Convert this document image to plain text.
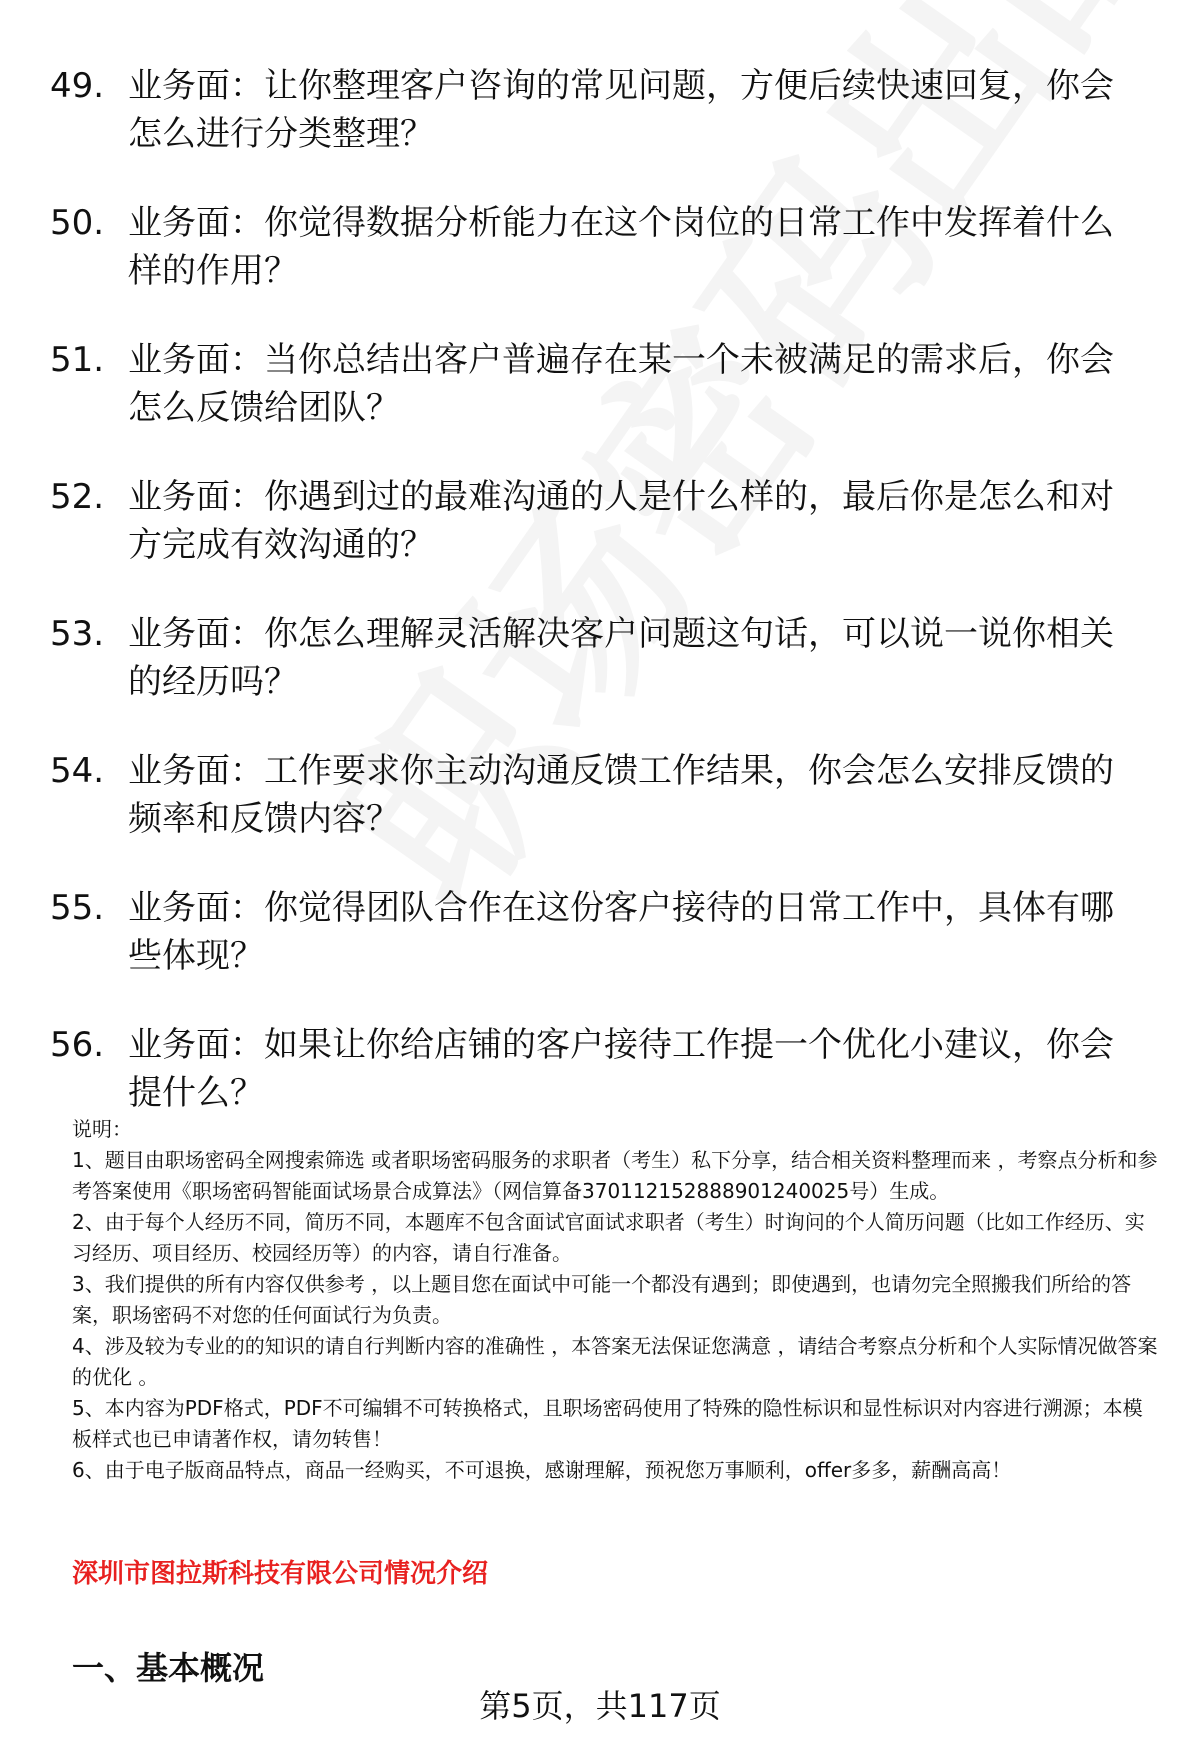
49. 业务面：让你整理客户咨询的常见问题，方便后续快速回复，你会怎么进行分类整理？
50. 业务面：你觉得数据分析能力在这个岗位的日常工作中发挥着什么样的作用？
51. 业务面：当你总结出客户普遍存在某一个未被满足的需求后，你会怎么反馈给团队？
52. 业务面：你遇到过的最难沟通的人是什么样的，最后你是怎么和对方完成有效沟通的？
53. 业务面：你怎么理解灵活解决客户问题这句话，可以说一说你相关的经历吗？
54. 业务面：工作要求你主动沟通反馈工作结果，你会怎么安排反馈的频率和反馈内容？
55. 业务面：你觉得团队合作在这份客户接待的日常工作中，具体有哪些体现？
56. 业务面：如果让你给店铺的客户接待工作提一个优化小建议，你会提什么？
说明：
1、题目由职场密码全网搜索筛选 或者职场密码服务的求职者（考生）私下分享，结合相关资料整理而来 ，考察点分析和参考答案使用《职场密码智能面试场景合成算法》（网信算备370112152888901240025号）生成。
2、由于每个人经历不同，简历不同，本题库不包含面试官面试求职者（考生）时询问的个人简历问题（比如工作经历、实习经历、项目经历、校园经历等）的内容，请自行准备。
3、我们提供的所有内容仅供参考 ，以上题目您在面试中可能一个都没有遇到；即使遇到，也请勿完全照搬我们所给的答案，职场密码不对您的任何面试行为负责。
4、涉及较为专业的的知识的请自行判断内容的准确性 ，本答案无法保证您满意 ，请结合考察点分析和个人实际情况做答案的优化 。
5、本内容为PDF格式，PDF不可编辑不可转换格式，且职场密码使用了特殊的隐性标识和显性标识对内容进行溯源；本模板样式也已申请著作权，请勿转售！
6、由于电子版商品特点，商品一经购买，不可退换，感谢理解，预祝您万事顺利，offer多多，薪酬高高！
深圳市图拉斯科技有限公司情况介绍
一、基本概况
第5页，共117页
